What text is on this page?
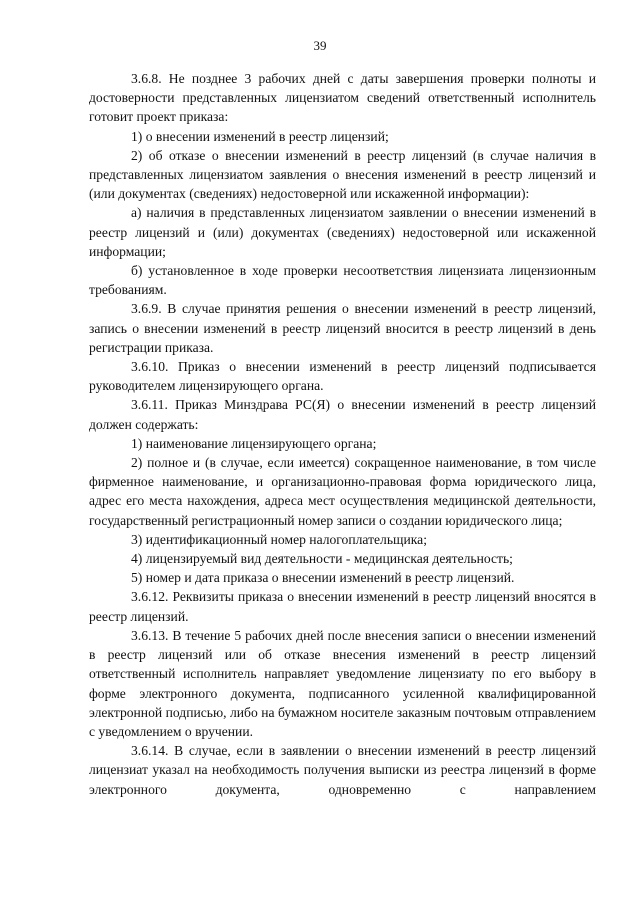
39

3.6.8. Не позднее 3 рабочих дней с даты завершения проверки полноты и достоверности представленных лицензиатом сведений ответственный исполнитель готовит проект приказа:

1) о внесении изменений в реестр лицензий;

2) об отказе о внесении изменений в реестр лицензий (в случае наличия в представленных лицензиатом заявления о внесения изменений в реестр лицензий и (или документах (сведениях) недостоверной или искаженной информации):

а) наличия в представленных лицензиатом заявлении о внесении изменений в реестр лицензий и (или) документах (сведениях) недостоверной или искаженной информации;

б) установленное в ходе проверки несоответствия лицензиата лицензионным требованиям.

3.6.9. В случае принятия решения о внесении изменений в реестр лицензий, запись о внесении изменений в реестр лицензий вносится в реестр лицензий в день регистрации приказа.

3.6.10. Приказ о внесении изменений в реестр лицензий подписывается руководителем лицензирующего органа.

3.6.11. Приказ Минздрава РС(Я) о внесении изменений в реестр лицензий должен содержать:

1) наименование лицензирующего органа;

2) полное и (в случае, если имеется) сокращенное наименование, в том числе фирменное наименование, и организационно-правовая форма юридического лица, адрес его места нахождения, адреса мест осуществления медицинской деятельности, государственный регистрационный номер записи о создании юридического лица;

3) идентификационный номер налогоплательщика;

4) лицензируемый вид деятельности - медицинская деятельность;

5) номер и дата приказа о внесении изменений в реестр лицензий.

3.6.12. Реквизиты приказа о внесении изменений в реестр лицензий вносятся в реестр лицензий.

3.6.13. В течение 5 рабочих дней после внесения записи о внесении изменений в реестр лицензий или об отказе внесения изменений в реестр лицензий ответственный исполнитель направляет уведомление лицензиату по его выбору в форме электронного документа, подписанного усиленной квалифицированной электронной подписью, либо на бумажном носителе заказным почтовым отправлением с уведомлением о вручении.

3.6.14. В случае, если в заявлении о внесении изменений в реестр лицензий лицензиат указал на необходимость получения выписки из реестра лицензий в форме электронного документа, одновременно с направлением
